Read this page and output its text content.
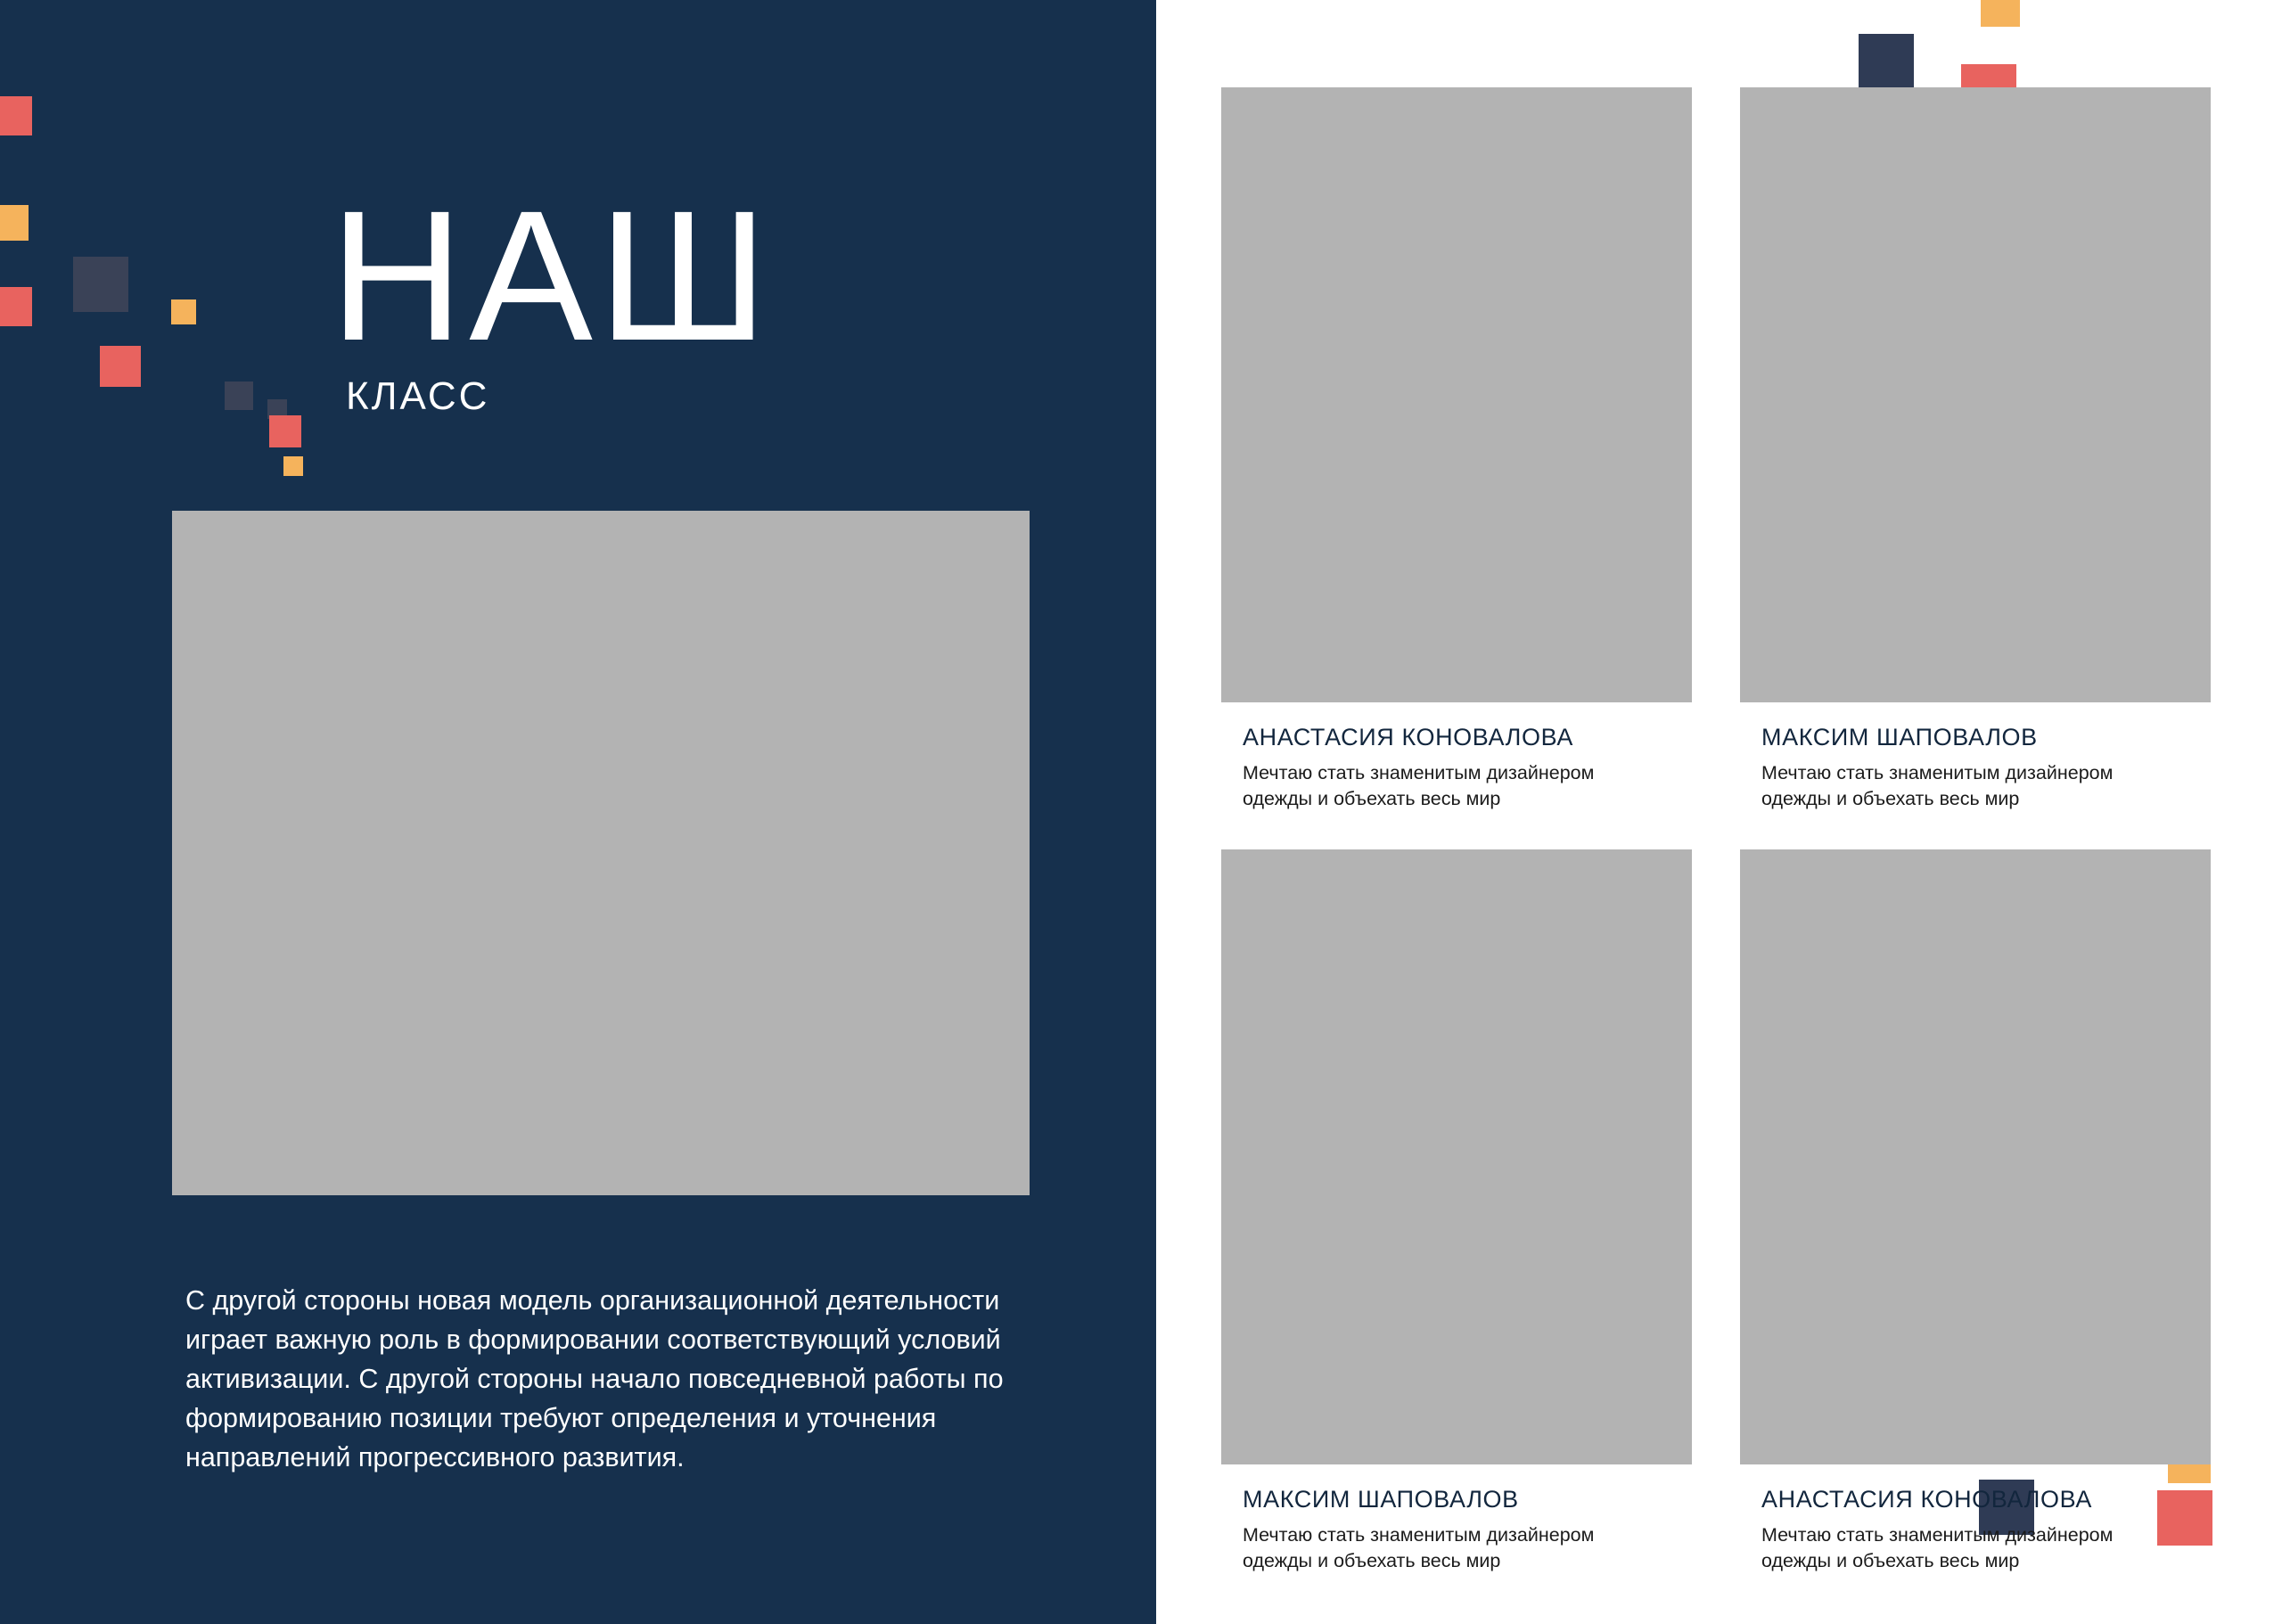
НАШ
КЛАСС
С другой стороны новая модель организационной деятельности играет важную роль в формировании соответствующий условий активизации. С другой стороны начало повседневной работы по формированию позиции требуют определения и уточнения направлений прогрессивного развития.
АНАСТАСИЯ КОНОВАЛОВА
Мечтаю стать знаменитым дизайнером одежды и объехать весь мир
МАКСИМ ШАПОВАЛОВ
Мечтаю стать знаменитым дизайнером одежды и объехать весь мир
МАКСИМ ШАПОВАЛОВ
Мечтаю стать знаменитым дизайнером одежды и объехать весь мир
АНАСТАСИЯ КОНОВАЛОВА
Мечтаю стать знаменитым дизайнером одежды и объехать весь мир
